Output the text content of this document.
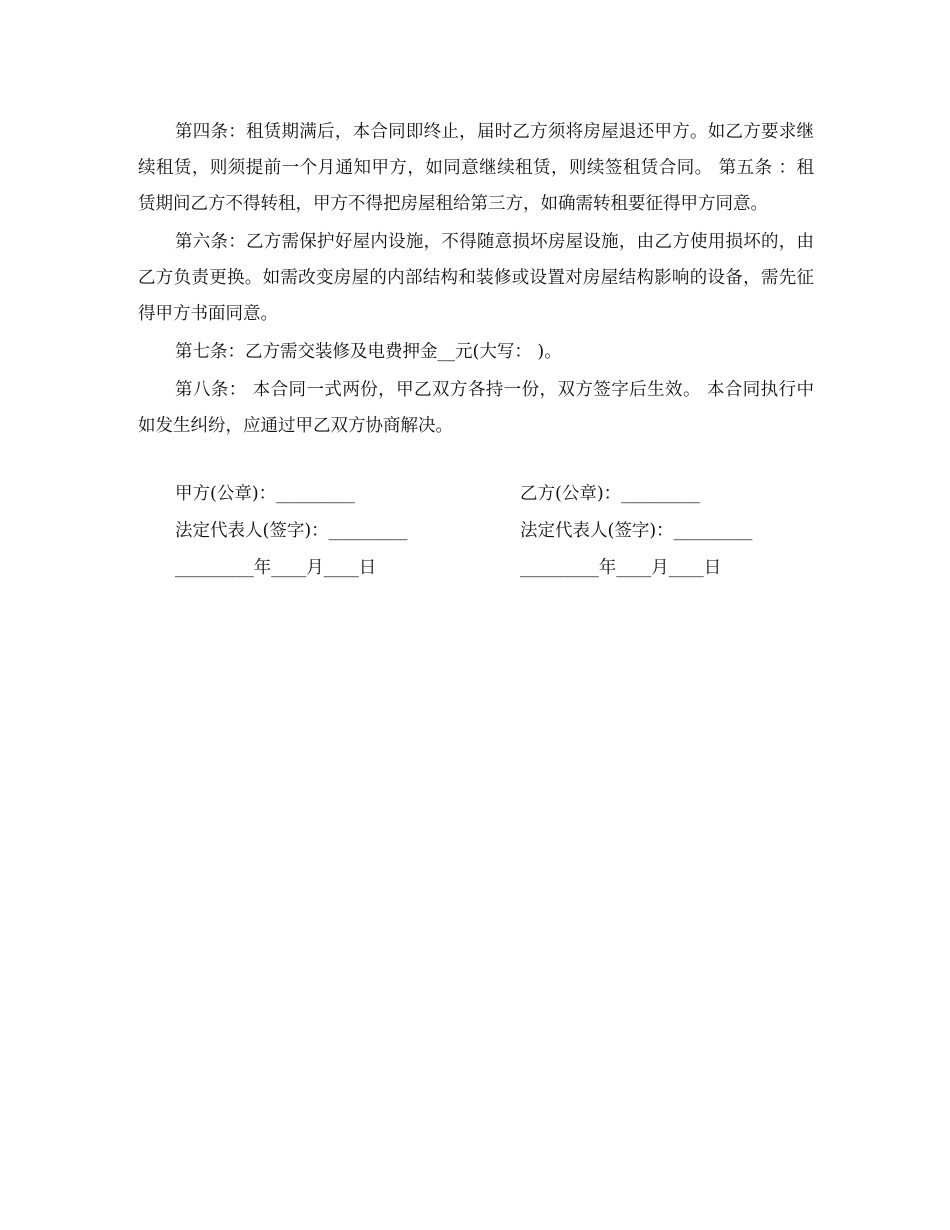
第四条：租赁期满后，本合同即终止，届时乙方须将房屋退还甲方。如乙方要求继续租赁，则须提前一个月通知甲方，如同意继续租赁，则续签租赁合同。 第五条 ：租赁期间乙方不得转租，甲方不得把房屋租给第三方，如确需转租要征得甲方同意。

第六条：乙方需保护好屋内设施，不得随意损坏房屋设施，由乙方使用损坏的，由乙方负责更换。如需改变房屋的内部结构和装修或设置对房屋结构影响的设备，需先征得甲方书面同意。

第七条：乙方需交装修及电费押金__元(大写： )。

第八条： 本合同一式两份，甲乙双方各持一份，双方签字后生效。 本合同执行中如发生纠纷，应通过甲乙双方协商解决。

甲方(公章)：_________	乙方(公章)：_________
法定代表人(签字)：_________	法定代表人(签字)：_________
_________年____月____日	_________年____月____日
